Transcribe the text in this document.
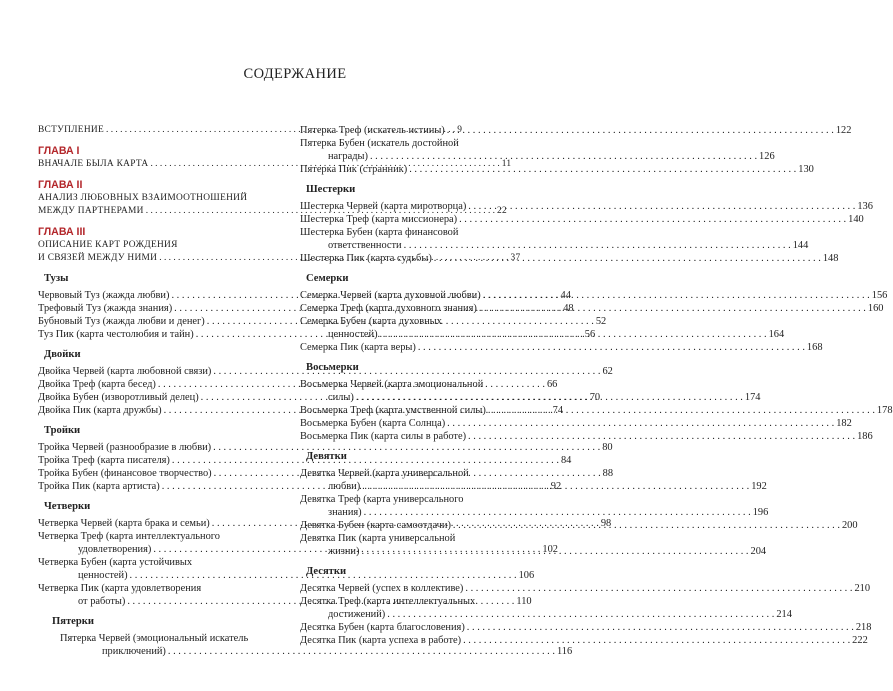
СОДЕРЖАНИЕ
ВСТУПЛЕНИЕ . . .	9
ГЛАВА I
ВНАЧАЛЕ БЫЛА КАРТА . . .	11
ГЛАВА II
АНАЛИЗ ЛЮБОВНЫХ ВЗАИМООТНОШЕНИЙ
МЕЖДУ ПАРТНЕРАМИ . . .	22
ГЛАВА III
ОПИСАНИЕ КАРТ РОЖДЕНИЯ
И СВЯЗЕЙ МЕЖДУ НИМИ . . .	37
Тузы
Червовый Туз (жажда любви) . . .	44
Трефовый Туз (жажда знания) . . .	48
Бубновый Туз (жажда любви и денег) . . .	52
Туз Пик (карта честолюбия и тайн) . . .	56
Двойки
Двойка Червей (карта любовной связи) . . .	62
Двойка Треф (карта бесед) . . .	66
Двойка Бубен (изворотливый делец) . . .	70
Двойка Пик (карта дружбы) . . .	74
Тройки
Тройка Червей (разнообразие в любви) . . .	80
Тройка Треф (карта писателя) . . .	84
Тройка Бубен (финансовое творчество) . . .	88
Тройка Пик (карта артиста) . . .	92
Четверки
Четверка Червей (карта брака и семьи) . . .	98
Четверка Треф (карта интеллектуального
удовлетворения) . . .	102
Четверка Бубен (карта устойчивых
ценностей) . . .	106
Четверка Пик (карта удовлетворения
от работы) . . .	110
Пятерки
Пятерка Червей (эмоциональный искатель
приключений) . . .	116
Пятерка Треф (искатель истины) . . .	122
Пятерка Бубен (искатель достойной
награды) . . .	126
Пятерка Пик (странник) . . .	130
Шестерки
Шестерка Червей (карта миротворца) . . .	136
Шестерка Треф (карта миссионера) . . .	140
Шестерка Бубен (карта финансовой
ответственности . . .	144
Шестерка Пик (карта судьбы) . . .	148
Семерки
Семерка Червей (карта духовной любви) . . .	156
Семерка Треф (карта духовного знания) . . .	160
Семерка Бубен (карта духовных
ценностей) . . .	164
Семерка Пик (карта веры) . . .	168
Восьмерки
Восьмерка Червей (карта эмоциональной
силы) . . .	174
Восьмерка Треф (карта умственной силы) . . .	178
Восьмерка Бубен (карта Солнца) . . .	182
Восьмерка Пик (карта силы в работе) . . .	186
Девятки
Девятка Червей (карта универсальной
любви) . . .	192
Девятка Треф (карта универсального
знания) . . .	196
Девятка Бубен (карта самоотдачи) . . .	200
Девятка Пик (карта универсальной
жизни) . . .	204
Десятки
Десятка Червей (успех в коллективе) . . .	210
Десятка Треф (карта интеллектуальных
достижений) . . .	214
Десятка Бубен (карта благословения) . . .	218
Десятка Пик (карта успеха в работе) . . .	222
